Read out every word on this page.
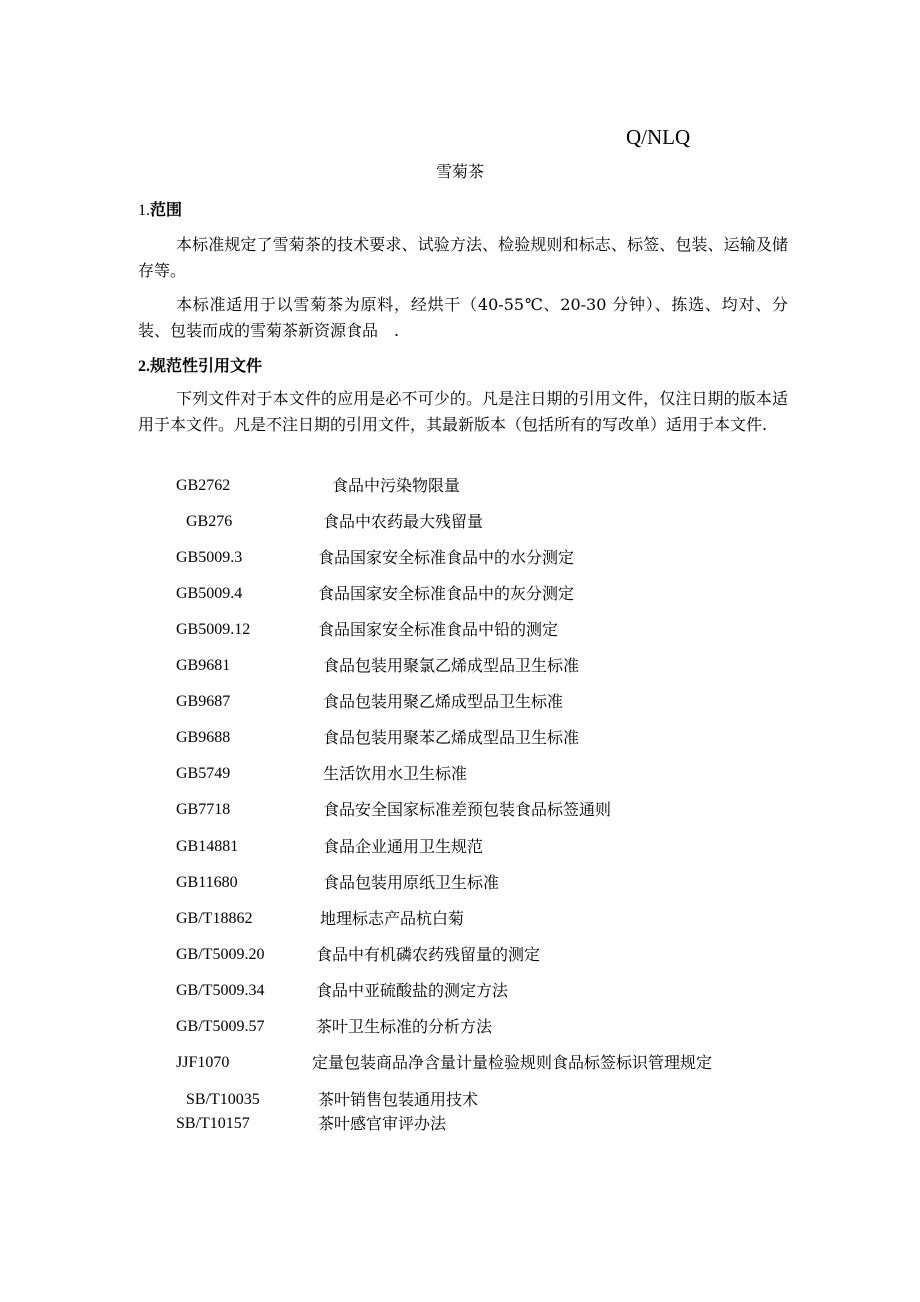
Q/NLQ
雪菊茶
1.范围

本标准规定了雪菊茶的技术要求、试验方法、检验规则和标志、标签、包装、运输及储存等。

本标准适用于以雪菊茶为原料，经烘干（40-55℃、20-30 分钟）、拣选、均对、分装、包装而成的雪菊茶新资源食品　.

2.规范性引用文件

下列文件对于本文件的应用是必不可少的。凡是注日期的引用文件，仅注日期的版本适用于本文件。凡是不注日期的引用文件，其最新版本（包括所有的写改单）适用于本文件.

GB2762	食品中污染物限量
GB276	食品中农药最大残留量
GB5009.3	食品国家安全标准食品中的水分测定
GB5009.4	食品国家安全标准食品中的灰分测定
GB5009.12	食品国家安全标准食品中铅的测定
GB9681	食品包装用聚氯乙烯成型品卫生标准
GB9687	食品包装用聚乙烯成型品卫生标准
GB9688	食品包装用聚苯乙烯成型品卫生标准
GB5749	生活饮用水卫生标准
GB7718	食品安全国家标准差预包装食品标签通则
GB14881	食品企业通用卫生规范
GB11680	食品包装用原纸卫生标准
GB/T18862	地理标志产品杭白菊
GB/T5009.20	食品中有机磷农药残留量的测定
GB/T5009.34	食品中亚硫酸盐的测定方法
GB/T5009.57	茶叶卫生标准的分析方法
JJF1070	定量包装商品净含量计量检验规则食品标签标识管理规定
SB/T10035	茶叶销售包装通用技术
SB/T10157	茶叶感官审评办法
